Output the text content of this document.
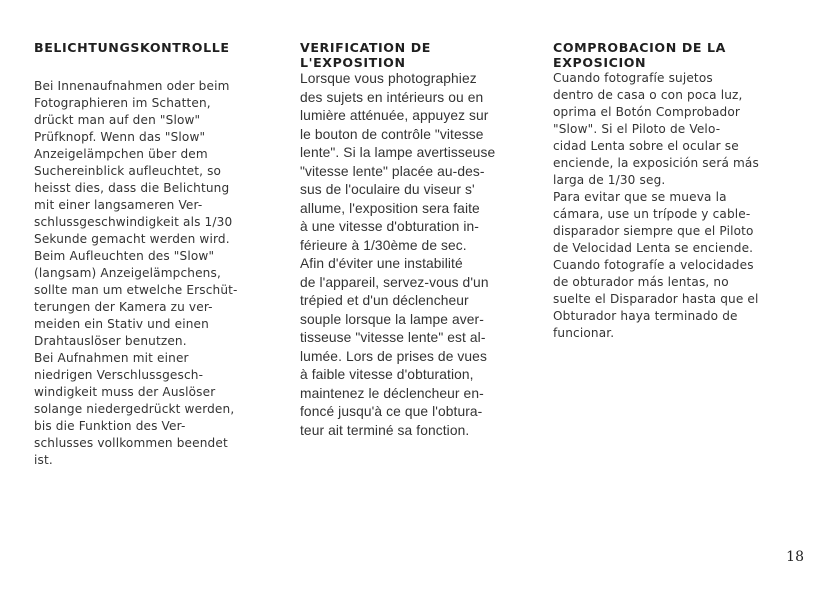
BELICHTUNGSKONTROLLE

Bei Innenaufnahmen oder beim
Fotographieren im Schatten,
drückt man auf den "Slow"
Prüfknopf. Wenn das "Slow"
Anzeigelämpchen über dem
Suchereinblick aufleuchtet, so
heisst dies, dass die Belichtung
mit einer langsameren Ver-
schlussgeschwindigkeit als 1/30
Sekunde gemacht werden wird.
Beim Aufleuchten des "Slow"
(langsam) Anzeigelämpchens,
sollte man um etwelche Erschüt-
terungen der Kamera zu ver-
meiden ein Stativ und einen
Drahtauslöser benutzen.
Bei Aufnahmen mit einer
niedrigen Verschlussgesch-
windigkeit muss der Auslöser
solange niedergedrückt werden,
bis die Funktion des Ver-
schlusses vollkommen beendet
ist.

VERIFICATION DE
L'EXPOSITION

Lorsque vous photographiez
des sujets en intérieurs ou en
lumière atténuée, appuyez sur
le bouton de contrôle "vitesse
lente". Si la lampe avertisseuse
"vitesse lente" placée au-des-
sus de l'oculaire du viseur s'
allume, l'exposition sera faite
à une vitesse d'obturation in-
férieure à 1/30ème de sec.
Afin d'éviter une instabilité
de l'appareil, servez-vous d'un
trépied et d'un déclencheur
souple lorsque la lampe aver-
tisseuse "vitesse lente" est al-
lumée. Lors de prises de vues
à faible vitesse d'obturation,
maintenez le déclencheur en-
foncé jusqu'à ce que l'obtura-
teur ait terminé sa fonction.

COMPROBACION DE LA
EXPOSICION

Cuando fotografíe sujetos
dentro de casa o con poca luz,
oprima el Botón Comprobador
"Slow". Si el Piloto de Velo-
cidad Lenta sobre el ocular se
enciende, la exposición será más
larga de 1/30 seg.
Para evitar que se mueva la
cámara, use un trípode y cable-
disparador siempre que el Piloto
de Velocidad Lenta se enciende.
Cuando fotografíe a velocidades
de obturador más lentas, no
suelte el Disparador hasta que el
Obturador haya terminado de
funcionar.

18
